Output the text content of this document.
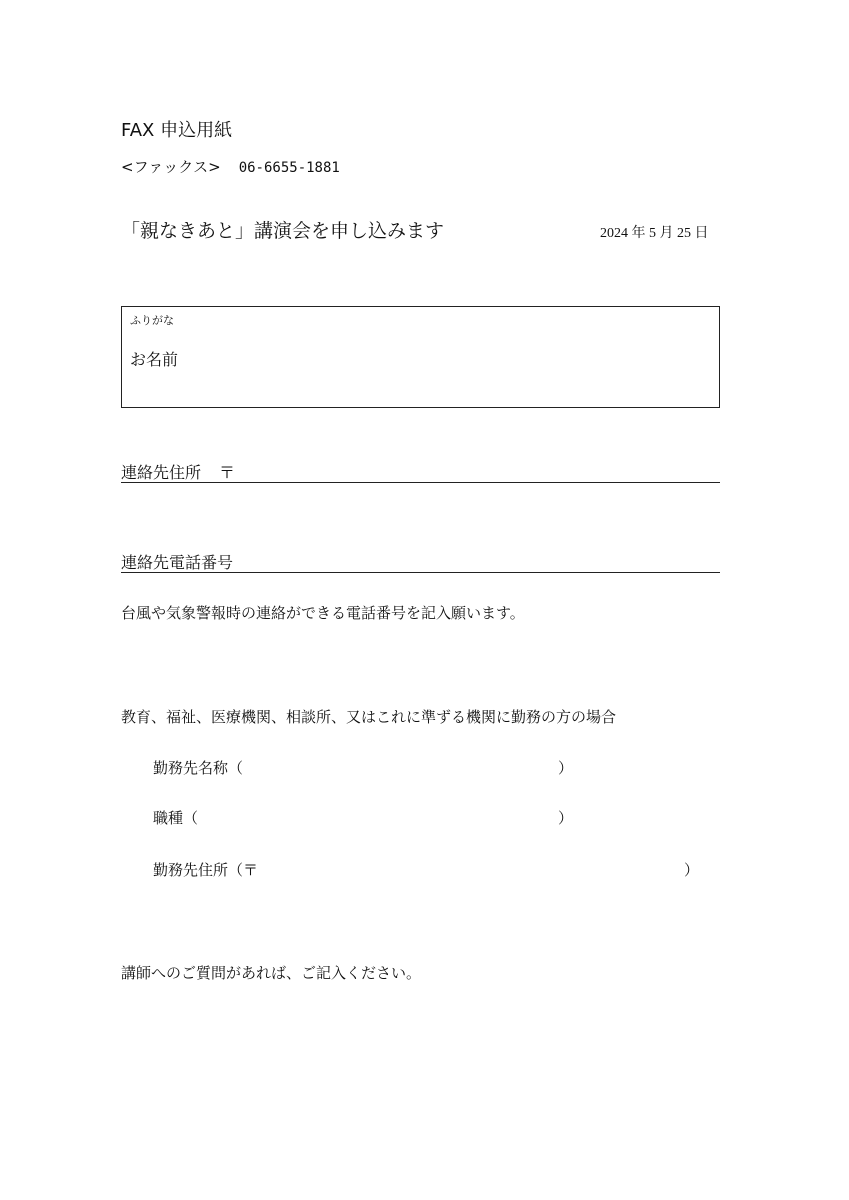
FAX 申込用紙
<ファックス> 06-6655-1881
「親なきあと」講演会を申し込みます	2024 年 5 月 25 日
ふりがな
お名前
連絡先住所 〒
連絡先電話番号
台風や気象警報時の連絡ができる電話番号を記入願います。
教育、福祉、医療機関、相談所、又はこれに準ずる機関に勤務の方の場合
勤務先名称（	）
職種（	）
勤務先住所（〒	）
講師へのご質問があれば、ご記入ください。
